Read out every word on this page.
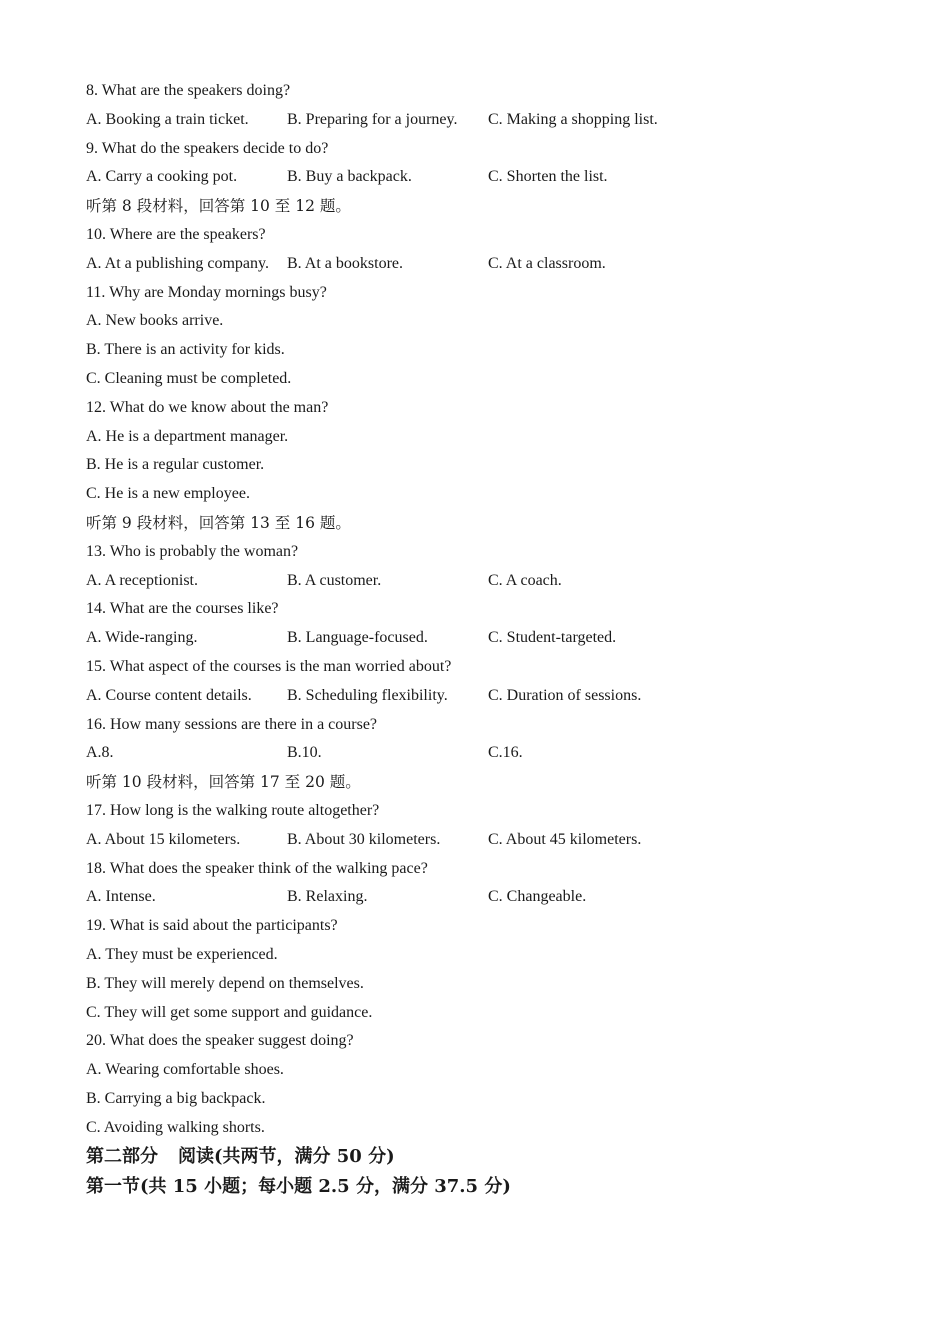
8. What are the speakers doing?
A. Booking a train ticket. B. Preparing for a journey. C. Making a shopping list.
9. What do the speakers decide to do?
A. Carry a cooking pot.	B. Buy a backpack.	C. Shorten the list.
听第 8 段材料，回答第 10 至 12 题。
10. Where are the speakers?
A. At a publishing company. B. At a bookstore.	C. At a classroom.
11. Why are Monday mornings busy?
A. New books arrive.
B. There is an activity for kids.
C. Cleaning must be completed.
12. What do we know about the man?
A. He is a department manager.
B. He is a regular customer.
C. He is a new employee.
听第 9 段材料，回答第 13 至 16 题。
13. Who is probably the woman?
A. A receptionist.	B. A customer.	C. A coach.
14. What are the courses like?
A. Wide-ranging.	B. Language-focused.	C. Student-targeted.
15. What aspect of the courses is the man worried about?
A. Course content details. B. Scheduling flexibility.	C. Duration of sessions.
16. How many sessions are there in a course?
A.8.	B.10.	C.16.
听第 10 段材料，回答第 17 至 20 题。
17. How long is the walking route altogether?
A. About 15 kilometers.	B. About 30 kilometers.	C. About 45 kilometers.
18. What does the speaker think of the walking pace?
A. Intense.	B. Relaxing.	C. Changeable.
19. What is said about the participants?
A. They must be experienced.
B. They will merely depend on themselves.
C. They will get some support and guidance.
20. What does the speaker suggest doing?
A. Wearing comfortable shoes.
B. Carrying a big backpack.
C. Avoiding walking shorts.
第二部分 阅读(共两节，满分 50 分)
第一节(共 15 小题；每小题 2.5 分，满分 37.5 分)
